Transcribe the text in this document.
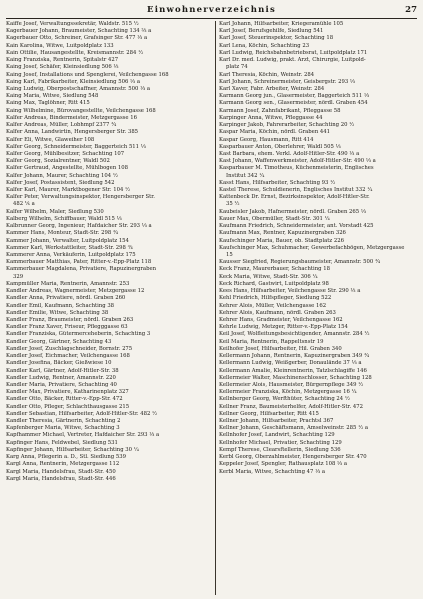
Einwohnerverzeichnis	27
Kaiffe Josef, Verwaltungssekretär, Waldstr. 515 ½
Kagerbauer Johann, Braumeister, Schachting 134 ⅔ a
Kagerbauer Otto, Schreiner, Grafsinger Str. 477 ⅓ a
Kain Karolina, Witwe, Luitpoldplatz 133
Kain Ottilie, Hausangestellte, Kreismannstr. 284 ½
Kaing Franziska, Rentnerin, Spitalstr 427
Kaing Josef, Schäfer, Kleinsiedlung 506 ⅓
Kaing Josef, Installations und Spenglerei, Veilchengasse 168
Kaing Karl, Fabrikarbeiter, Kleinsiedlung 506 ⅓ a
Kaing Ludwig, Oberpostschaffner, Amannstr. 500 ⅓ a
Kaing Maria, Witwe, Siedlung 548
Kaing Max, Taglöhner, Ritt 415
Kaing Wilhelmine, Bürovangestellte, Veilchengasse 168
Kalfer Andreas, Bindermeister, Metzgergasse 16
Kalfer Andreas, Müller, Lobhmpf 2377 ¾
Kalfer Anna, Landwirtin, Hengersberger Str. 385
Kalfer Eli, Witwe, Glaweiher 108
Kalfer Georg, Schneidermeister, Baggerteich 511 ⅓
Kalfer Georg, Mühlbesitzer, Schachting 107
Kalfer Georg, Sozialrentner, Waldl 502
Kalfer Gertraud, Angestellte, Mühlbogen 108
Kalfer Johann, Maurer, Schachting 104 ½
Kalfer Josef, Postassistent, Siedlung 542
Kalfer Karl, Maurer, Marktbogener Str. 104 ½
Kalfer Peter, Verwaltungsinspektor, Hengersberger Str.
482 ⅙ a
Kalfer Wilhelm, Maler, Siedlung 530
Kalberg Wilhelm, Schiffbauer, Waldl 515 ⅓
Kalbrunner Georg, Ingenieur, Hafdaicher Str. 293 ⅓ a
Kammer Hans, Monteur, Stadt-Str. 298 ¾
Kammer Johann, Verwalter, Luitpoldplatz 154
Kammer Karl, Werkstattleiter, Stadt-Str. 298 ¾
Kammerer Anna, Verkäuferin, Luitpoldplatz 175
Kammerbauer Matthias, Pater, Ritter-v.-Epp-Platz 118
Kammerbauer Magdalena, Privatiere, Rapuzinergraben
329
Kampmüller Maria, Rentnerin, Amannstr. 253
Kandler Andreas, Wagnermeister, Metzgergasse 12
Kandler Anna, Privatiere, nördl. Graben 260
Kandler Emil, Kaufmann, Schachting 38
Kandler Emilie, Witwe, Schachting 38
Kandler Franz, Braumeister, nördl. Graben 263
Kandler Franz Xaver, Friseur, Pflegggasse 63
Kandler Franziska, Gütermerceheberin, Schachting 3
Kandler Georg, Gärtner, Schachting 43
Kandler Josef, Zuschlagschneider, Bornstr. 275
Kandler Josef, Eichmacher, Veilchengasse 168
Kandler Josefina, Bäcker, Gießwiese 10
Kandler Karl, Gärtner, Adolf-Hitler-Str. 38
Kandler Ludwig, Rentner, Amannstr. 220
Kandler Maria, Privatiere, Schachting 40
Kandler Max, Privatiere, Katharinenplatz 327
Kandler Otto, Bäcker, Ritter-v.-Epp-Str. 472
Kandler Otto, Pfleger, Schlachthausgasse 215
Kandler Sebastian, Hilfsarbeiter, Adolf-Hitler-Str. 482 ½
Kandler Theresia, Gärtnerin, Schachting 2
Kapfenberger Maria, Witwe, Schachting 3
Kapfhammer Michael, Vertreter, Hafdaicher Str. 293 ⅓ a
Kapfinger Hans, Feldwebel, Siedlung 531
Kapfinger Johann, Hilfsarbeiter, Schachting 30 ¼
Karg Anna, Pflegerin a. D., Stl. Siedlung 539
Kargl Anna, Rentnerin, Metzgergasse 112
Kargl Maria, Handelsfrau, Stadt-Str. 450
Kargl Maria, Handelsfrau, Stadt-Str. 446
Karl Johann, Hilfsarbeiter, Kriegeramühle 105
Karl Josef, Berufsgehilfe, Siedlung 541
Karl Josef, Steuerinspektor, Schachting 18
Karl Lena, Köchin, Schachting 23
Karl Ludwig, Reichsbahnbetriebsrat, Luitpoldplatz 171
Karl Dr. med. Ludwig, prakt. Arzt, Chirurgie, Luitpold-
platz 74
Karl Theresia, Köchin, Weinstr. 284
Karl Johann, Schreinermeister, Geisbergstr. 293 ⅓
Karl Xaver, Fabr. Arbeiter, Weinstr. 284
Karmann Georg jun., Glasermeister, Baggerteich 511 ⅓
Karmann Georg sen., Glasermeister, nördl. Graben 454
Karmann Josef, Zahnfabrikant, Pfleggasse 58
Karpinger Anna, Witwe, Pfleggasse 44
Karpinger Jakob, Fahrerarbeiter, Schachting 20 ½
Kaspar Maria, Köchin, nördl. Graben 441
Kaspar Georg, Hausmann, Ritt 414
Kasparbauer Anton, Oberlehrer, Waldl 505 ⅓
Kast Barbara, ehem. Verkl. Adolf-Hitler-Str. 490 ⅓ a
Kast Johann, Waffenwerkmeister, Adolf-Hitler-Str. 490 ⅓ a
Kasparbauer M. Timotheus, Küchenmeisterin, Englisches
Institut 342 ¼
Kasst Hans, Hilfsarbeiter, Schachting 93 ½
Kastel Therese, Schuldienerin, Englisches Institut 332 ¼
Kattenbeck Dr. Ernst, Bezirksinspektor, Adolf-Hitler-Str.
35 ½
Kaubeisler Jakob, Hafnermeister, nördl. Graben 265 ⅓
Kauer Max, Obermüller, Stadt-Str. 301 ¼
Kaufmann Friedrich, Schneidermeister, ant. Vorstadt 425
Kaufmann Max, Rentner, Kapuzinergraben 326
Kaufschinger Maria, Bauer, ob. Stadtplatz 226
Kaufschinger Max, Schuhmacher, Gewerbefachbögen, Metzgergasse
15
Kausser Siegfried, Regierungsbaumeister, Amannstr. 500 ¾
Keck Franz, Maurerbauer, Schachting 18
Keck Maria, Witwe, Stadt-Str. 306 ¼
Keck Richard, Gastwirt, Luitpoldplatz 98
Kees Hans, Hilfsarbeiter, Veilchengasse Str. 290 ⅓ a
Kehl Friedrich, Hilfspfleger, Siedlung 522
Kehrer Alois, Müller, Veilchengasse 162
Kehrer Alois, Kaufmann, nördl. Graben 263
Kehrer Hans, Gradmeister, Veilchengasse 162
Kehrle Ludwig, Metzger, Ritter-v.-Epp-Platz 154
Keil Josef, Wolfleitungsbesichtigender, Amannstr. 284 ½
Keil Maria, Rentnerin, Rappeltsnstr 19
Keilhofer Josef, Hilfsarbeiter, Hil. Graben 340
Kellermann Johann, Rentnerin, Kapuzinergraben 349 ¾
Kellermann Ludwig, Weißgerber, Donaulände 37 ⅓ a
Kellermann Amalie, Kleinrentnerin, Tatzlschlagiffe 146
Kellermeier Walter, Maschinenschlosser, Schachting 128
Kellermeier Alois, Hausmeister, Bürgernpflege 349 ½
Kellermeier Franziska, Köchin, Metzgergasse 16 ¼
Kellnberger Georg, Werfthüter, Schachting 24 ½
Kellner Franz, Baumeisterhelfer, Adolf-Hitler-Str. 472
Kellner Georg, Hilfsarbeiter, Ritt 415
Kellner Johann, Hilfsarbeiter, Prachtsl 367
Kellner Johann, Geschäftsmann, Amselweinstr. 285 ½ a
Kellnhofer Josef, Landwirt, Schachting 129
Kellnhofer Michael, Privatier, Schachting 129
Kempf Therese, Clearsftellerin, Siedlung 536
Kerbl Georg, Oberzahlmeister, Hengersberger Str. 470
Keppeler Josef, Spengler, Rathausplatz 108 ⅓ a
Kerbl Maria, Witwe, Schachting 47 ⅓ a
